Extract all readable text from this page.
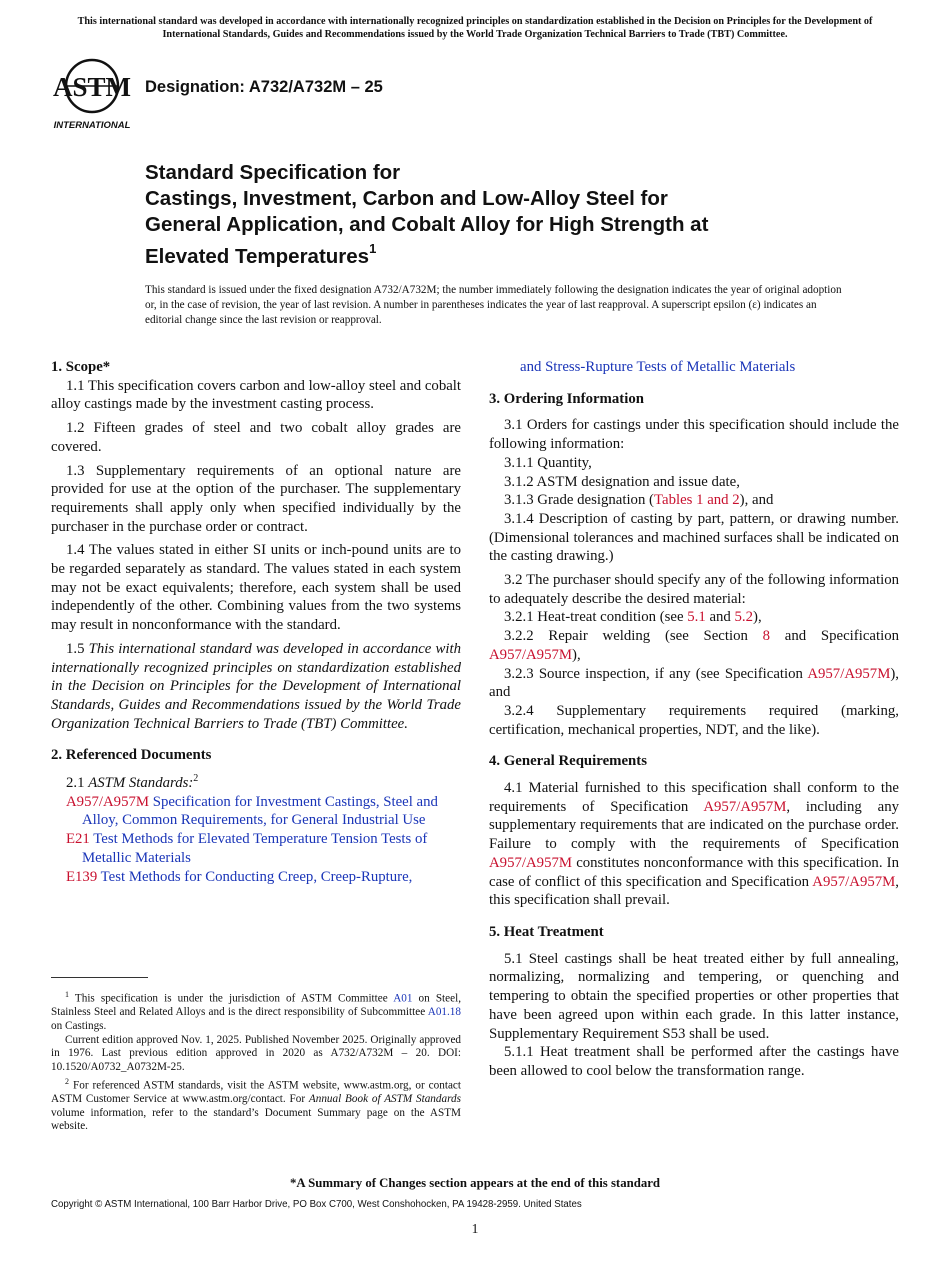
This international standard was developed in accordance with internationally recognized principles on standardization established in the Decision on Principles for the Development of International Standards, Guides and Recommendations issued by the World Trade Organization Technical Barriers to Trade (TBT) Committee.
ASTM
INTERNATIONAL
Designation: A732/A732M – 25
Standard Specification for
Castings, Investment, Carbon and Low-Alloy Steel for
General Application, and Cobalt Alloy for High Strength at
Elevated Temperatures$^1$
This standard is issued under the fixed designation A732/A732M; the number immediately following the designation indicates the year of original adoption or, in the case of revision, the year of last revision. A number in parentheses indicates the year of last reapproval. A superscript epsilon (ε) indicates an editorial change since the last revision or reapproval.

1. Scope*

1.1 This specification covers carbon and low-alloy steel and cobalt alloy castings made by the investment casting process.

1.2 Fifteen grades of steel and two cobalt alloy grades are covered.

1.3 Supplementary requirements of an optional nature are provided for use at the option of the purchaser. The supplementary requirements shall apply only when specified individually by the purchaser in the purchase order or contract.

1.4 The values stated in either SI units or inch-pound units are to be regarded separately as standard. The values stated in each system may not be exact equivalents; therefore, each system shall be used independently of the other. Combining values from the two systems may result in nonconformance with the standard.

1.5 This international standard was developed in accordance with internationally recognized principles on standardization established in the Decision on Principles for the Development of International Standards, Guides and Recommendations issued by the World Trade Organization Technical Barriers to Trade (TBT) Committee.

2. Referenced Documents

2.1 ASTM Standards:$^2$

A957/A957M Specification for Investment Castings, Steel and Alloy, Common Requirements, for General Industrial Use

E21 Test Methods for Elevated Temperature Tension Tests of Metallic Materials

E139 Test Methods for Conducting Creep, Creep-Rupture,

and Stress-Rupture Tests of Metallic Materials

3. Ordering Information

3.1 Orders for castings under this specification should include the following information:

3.1.1 Quantity,

3.1.2 ASTM designation and issue date,

3.1.3 Grade designation (Tables 1 and 2), and

3.1.4 Description of casting by part, pattern, or drawing number. (Dimensional tolerances and machined surfaces shall be indicated on the casting drawing.)

3.2 The purchaser should specify any of the following information to adequately describe the desired material:

3.2.1 Heat-treat condition (see 5.1 and 5.2),

3.2.2 Repair welding (see Section 8 and Specification A957/A957M),

3.2.3 Source inspection, if any (see Specification A957/A957M), and

3.2.4 Supplementary requirements required (marking, certification, mechanical properties, NDT, and the like).

4. General Requirements

4.1 Material furnished to this specification shall conform to the requirements of Specification A957/A957M, including any supplementary requirements that are indicated on the purchase order. Failure to comply with the requirements of Specification A957/A957M constitutes nonconformance with this specification. In case of conflict of this specification and Specification A957/A957M, this specification shall prevail.

5. Heat Treatment

5.1 Steel castings shall be heat treated either by full annealing, normalizing, normalizing and tempering, or quenching and tempering to obtain the specified properties or other properties that have been agreed upon within each grade. In this latter instance, Supplementary Requirement S53 shall be used.

5.1.1 Heat treatment shall be performed after the castings have been allowed to cool below the transformation range.

$^1$ This specification is under the jurisdiction of ASTM Committee A01 on Steel, Stainless Steel and Related Alloys and is the direct responsibility of Subcommittee A01.18 on Castings.

Current edition approved Nov. 1, 2025. Published November 2025. Originally approved in 1976. Last previous edition approved in 2020 as A732/A732M – 20. DOI: 10.1520/A0732_A0732M-25.

$^2$ For referenced ASTM standards, visit the ASTM website, www.astm.org, or contact ASTM Customer Service at www.astm.org/contact. For Annual Book of ASTM Standards volume information, refer to the standard’s Document Summary page on the ASTM website.

*A Summary of Changes section appears at the end of this standard
Copyright © ASTM International, 100 Barr Harbor Drive, PO Box C700, West Conshohocken, PA 19428-2959. United States
1
